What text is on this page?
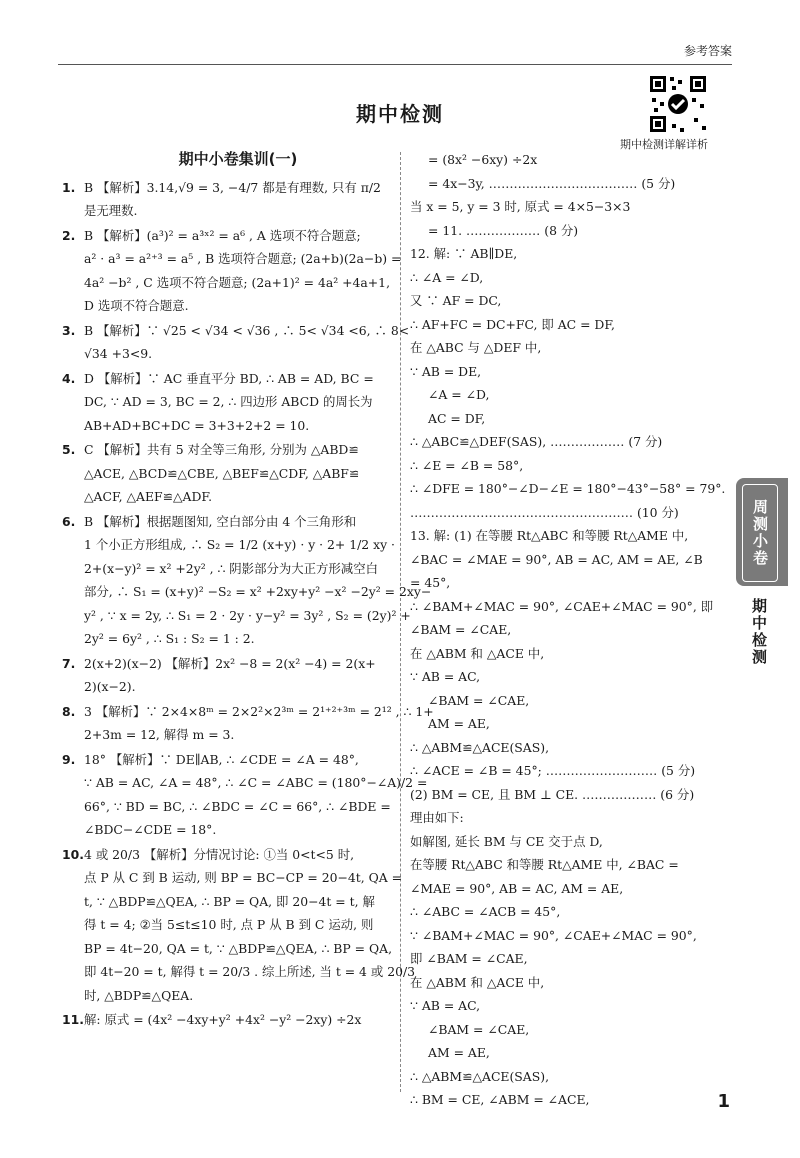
参考答案
期中检测
期中检测详解详析
期中小卷集训(一)
1. B 【解析】3.14,√9 = 3, −4/7 都是有理数, 只有 π/2
是无理数.
2. B 【解析】(a³)² = a³ˣ² = a⁶ , A 选项不符合题意;
a² · a³ = a²⁺³ = a⁵ , B 选项符合题意; (2a+b)(2a−b) =
4a² −b² , C 选项不符合题意; (2a+1)² = 4a² +4a+1,
D 选项不符合题意.
3. B 【解析】∵ √25 < √34 < √36 , ∴ 5< √34 <6, ∴ 8<
√34 +3<9.
4. D 【解析】∵ AC 垂直平分 BD, ∴ AB = AD, BC =
DC, ∵ AD = 3, BC = 2, ∴ 四边形 ABCD 的周长为
AB+AD+BC+DC = 3+3+2+2 = 10.
5. C 【解析】共有 5 对全等三角形, 分别为 △ABD≌
△ACE, △BCD≌△CBE, △BEF≌△CDF, △ABF≌
△ACF, △AEF≌△ADF.
6. B 【解析】根据题图知, 空白部分由 4 个三角形和
1 个小正方形组成, ∴ S₂ = 1/2 (x+y) · y · 2+ 1/2 xy ·
2+(x−y)² = x² +2y² , ∴ 阴影部分为大正方形减空白
部分, ∴ S₁ = (x+y)² −S₂ = x² +2xy+y² −x² −2y² = 2xy−
y² , ∵ x = 2y, ∴ S₁ = 2 · 2y · y−y² = 3y² , S₂ = (2y)² +
2y² = 6y² , ∴ S₁ : S₂ = 1 : 2.
7. 2(x+2)(x−2) 【解析】2x² −8 = 2(x² −4) = 2(x+
2)(x−2).
8. 3 【解析】∵ 2×4×8ᵐ = 2×2²×2³ᵐ = 2¹⁺²⁺³ᵐ = 2¹² , ∴ 1+
2+3m = 12, 解得 m = 3.
9. 18° 【解析】∵ DE∥AB, ∴ ∠CDE = ∠A = 48°,
∵ AB = AC, ∠A = 48°, ∴ ∠C = ∠ABC = (180°−∠A)/2 =
66°, ∵ BD = BC, ∴ ∠BDC = ∠C = 66°, ∴ ∠BDE =
∠BDC−∠CDE = 18°.
10.4 或 20/3 【解析】分情况讨论: ①当 0<t<5 时,
点 P 从 C 到 B 运动, 则 BP = BC−CP = 20−4t, QA =
t, ∵ △BDP≌△QEA, ∴ BP = QA, 即 20−4t = t, 解
得 t = 4; ②当 5≤t≤10 时, 点 P 从 B 到 C 运动, 则
BP = 4t−20, QA = t, ∵ △BDP≌△QEA, ∴ BP = QA,
即 4t−20 = t, 解得 t = 20/3 . 综上所述, 当 t = 4 或 20/3
时, △BDP≌△QEA.
11.解: 原式 = (4x² −4xy+y² +4x² −y² −2xy) ÷2x
= (8x² −6xy) ÷2x
= 4x−3y, ……………………………… (5 分)
当 x = 5, y = 3 时, 原式 = 4×5−3×3
= 11. ……………… (8 分)
12. 解: ∵ AB∥DE,
∴ ∠A = ∠D,
又 ∵ AF = DC,
∴ AF+FC = DC+FC, 即 AC = DF,
在 △ABC 与 △DEF 中,
∵ AB = DE,
∠A = ∠D,
AC = DF,
∴ △ABC≌△DEF(SAS), ……………… (7 分)
∴ ∠E = ∠B = 58°,
∴ ∠DFE = 180°−∠D−∠E = 180°−43°−58° = 79°.
……………………………………………… (10 分)
13. 解: (1) 在等腰 Rt△ABC 和等腰 Rt△AME 中,
∠BAC = ∠MAE = 90°, AB = AC, AM = AE, ∠B
= 45°,
∴ ∠BAM+∠MAC = 90°, ∠CAE+∠MAC = 90°, 即
∠BAM = ∠CAE,
在 △ABM 和 △ACE 中,
∵ AB = AC,
∠BAM = ∠CAE,
AM = AE,
∴ △ABM≌△ACE(SAS),
∴ ∠ACE = ∠B = 45°; ……………………… (5 分)
(2) BM = CE, 且 BM ⊥ CE. ……………… (6 分)
理由如下:
如解图, 延长 BM 与 CE 交于点 D,
在等腰 Rt△ABC 和等腰 Rt△AME 中, ∠BAC =
∠MAE = 90°, AB = AC, AM = AE,
∴ ∠ABC = ∠ACB = 45°,
∵ ∠BAM+∠MAC = 90°, ∠CAE+∠MAC = 90°,
即 ∠BAM = ∠CAE,
在 △ABM 和 △ACE 中,
∵ AB = AC,
∠BAM = ∠CAE,
AM = AE,
∴ △ABM≌△ACE(SAS),
∴ BM = CE, ∠ABM = ∠ACE,
周测小卷
期中检测
1
